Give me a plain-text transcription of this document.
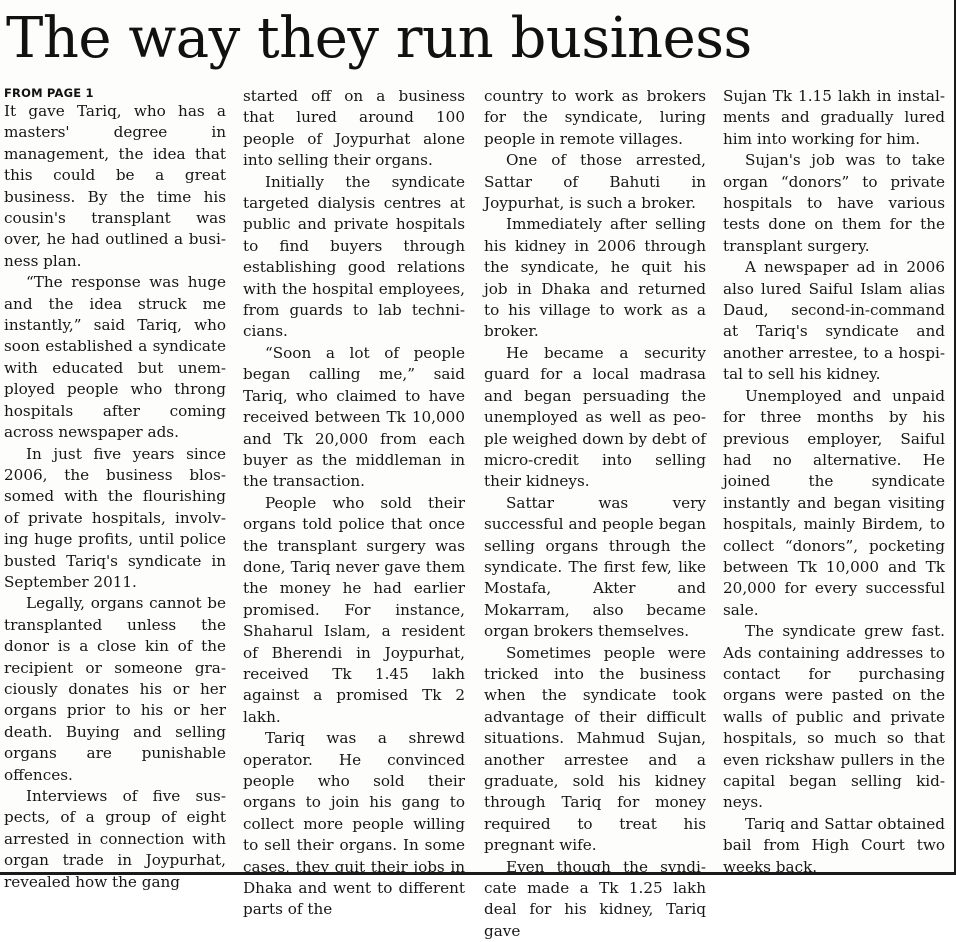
The way they run business
FROM PAGE 1

It gave Tariq, who has a masters' degree in management, the idea that this could be a great business. By the time his cousin's transplant was over, he had outlined a business plan.

“The response was huge and the idea struck me instantly,” said Tariq, who soon established a syndicate with educated but unemployed people who throng hospitals after coming across newspaper ads.

In just five years since 2006, the business blossomed with the flourishing of private hospitals, involving huge profits, until police busted Tariq's syndicate in September 2011.

Legally, organs cannot be transplanted unless the donor is a close kin of the recipient or someone graciously donates his or her organs prior to his or her death. Buying and selling organs are punishable offences.

Interviews of five suspects, of a group of eight arrested in connection with organ trade in Joypurhat, revealed how the gang

started off on a business that lured around 100 people of Joypurhat alone into selling their organs.

Initially the syndicate targeted dialysis centres at public and private hospitals to find buyers through establishing good relations with the hospital employees, from guards to lab technicians.

“Soon a lot of people began calling me,” said Tariq, who claimed to have received between Tk 10,000 and Tk 20,000 from each buyer as the middleman in the transaction.

People who sold their organs told police that once the transplant surgery was done, Tariq never gave them the money he had earlier promised. For instance, Shaharul Islam, a resident of Bherendi in Joypurhat, received Tk 1.45 lakh against a promised Tk 2 lakh.

Tariq was a shrewd operator. He convinced people who sold their organs to join his gang to collect more people willing to sell their organs. In some cases, they quit their jobs in Dhaka and went to different parts of the

country to work as brokers for the syndicate, luring people in remote villages.

One of those arrested, Sattar of Bahuti in Joypurhat, is such a broker.

Immediately after selling his kidney in 2006 through the syndicate, he quit his job in Dhaka and returned to his village to work as a broker.

He became a security guard for a local madrasa and began persuading the unemployed as well as people weighed down by debt of micro-credit into selling their kidneys.

Sattar was very successful and people began selling organs through the syndicate. The first few, like Mostafa, Akter and Mokarram, also became organ brokers themselves.

Sometimes people were tricked into the business when the syndicate took advantage of their difficult situations. Mahmud Sujan, another arrestee and a graduate, sold his kidney through Tariq for money required to treat his pregnant wife.

Even though the syndicate made a Tk 1.25 lakh deal for his kidney, Tariq gave

Sujan Tk 1.15 lakh in instalments and gradually lured him into working for him.

Sujan's job was to take organ “donors” to private hospitals to have various tests done on them for the transplant surgery.

A newspaper ad in 2006 also lured Saiful Islam alias Daud, second-in-command at Tariq's syndicate and another arrestee, to a hospital to sell his kidney.

Unemployed and unpaid for three months by his previous employer, Saiful had no alternative. He joined the syndicate instantly and began visiting hospitals, mainly Birdem, to collect “donors”, pocketing between Tk 10,000 and Tk 20,000 for every successful sale.

The syndicate grew fast. Ads containing addresses to contact for purchasing organs were pasted on the walls of public and private hospitals, so much so that even rickshaw pullers in the capital began selling kidneys.

Tariq and Sattar obtained bail from High Court two weeks back.
